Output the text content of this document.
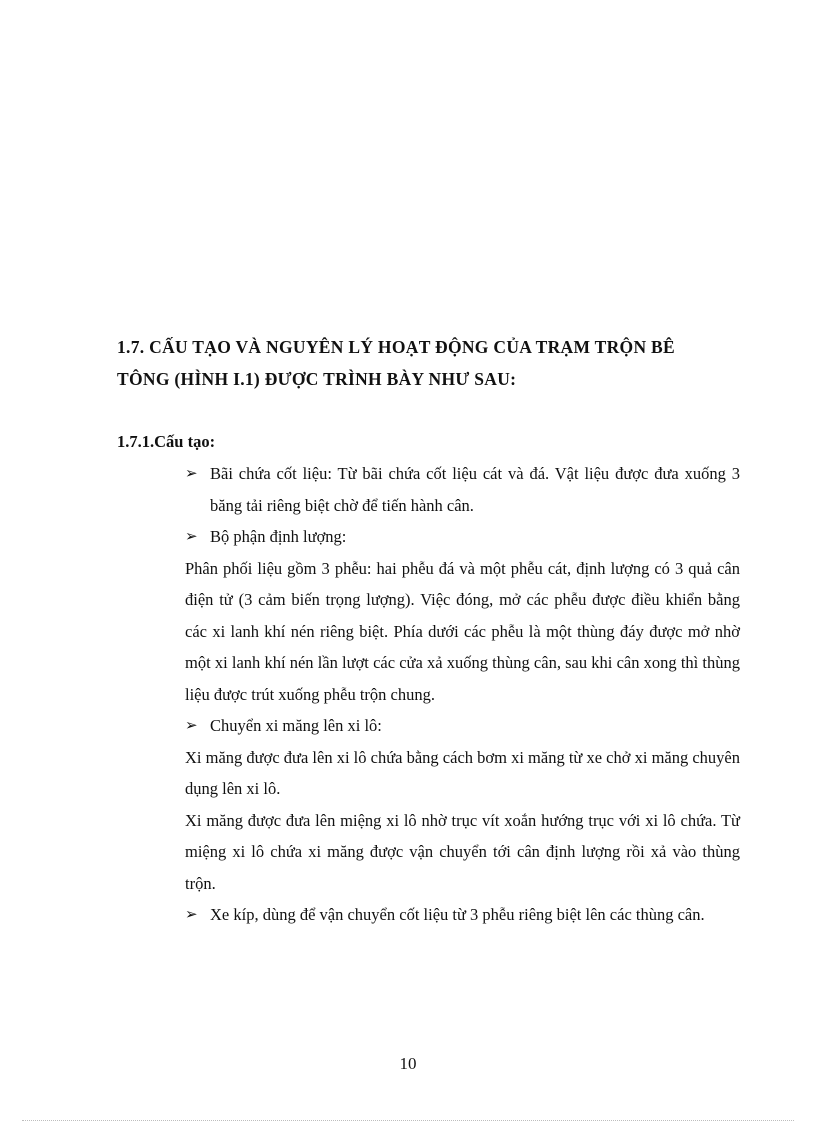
1.7. CẤU TẠO VÀ NGUYÊN LÝ HOẠT ĐỘNG CỦA TRẠM TRỘN BÊ
TÔNG (HÌNH I.1) ĐƯỢC TRÌNH BÀY NHƯ SAU:

1.7.1.Cấu tạo:

➢ Bãi chứa cốt liệu: Từ bãi chứa cốt liệu cát và đá. Vật liệu được đưa xuống 3 băng tải riêng biệt chờ để tiến hành cân.

➢ Bộ phận định lượng:

Phân phối liệu gồm 3 phễu: hai phễu đá và một phễu cát, định lượng có 3 quả cân điện tử (3 cảm biến trọng lượng). Việc đóng, mở các phễu được điều khiển bằng các xi lanh khí nén riêng biệt. Phía dưới các phễu là một thùng đáy được mở nhờ một xi lanh khí nén lần lượt các cửa xả xuống thùng cân, sau khi cân xong thì thùng liệu được trút xuống phễu trộn chung.

➢ Chuyển xi măng lên xi lô:

Xi măng được đưa lên xi lô chứa bằng cách bơm xi măng từ xe chở xi măng chuyên dụng lên xi lô.

Xi măng được đưa lên miệng xi lô nhờ trục vít xoắn hướng trục với xi lô chứa. Từ miệng xi lô chứa xi măng được vận chuyển tới cân định lượng rồi xả vào thùng trộn.

➢ Xe kíp, dùng để vận chuyển cốt liệu từ 3 phễu riêng biệt lên các thùng cân.

10
